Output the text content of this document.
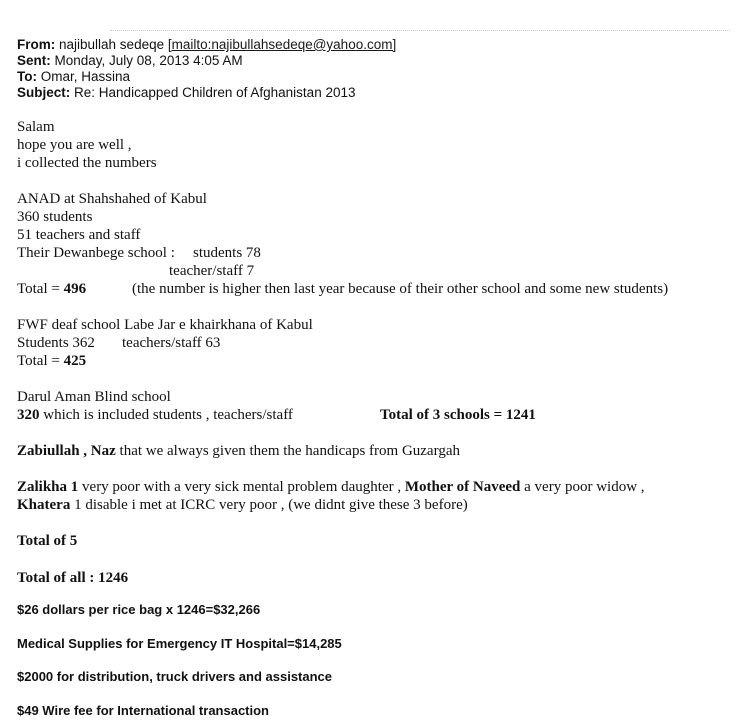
From: najibullah sedeqe [mailto:najibullahsedeqe@yahoo.com]
Sent: Monday, July 08, 2013 4:05 AM
To: Omar, Hassina
Subject: Re: Handicapped Children of Afghanistan 2013
Salam
hope you are well ,
i collected the numbers
ANAD at Shahshahed of Kabul
360 students
51 teachers and staff
Their Dewanbege school : students 78
teacher/staff 7
Total = 496	(the number is higher then last year because of their other school and some new students)
FWF deaf school Labe Jar e khairkhana of Kabul
Students 362 teachers/staff 63
Total = 425
Darul Aman Blind school
320 which is included students , teachers/staff	Total of 3 schools = 1241
Zabiullah , Naz that we always given them the handicaps from Guzargah
Zalikha 1 very poor with a very sick mental problem daughter , Mother of Naveed a very poor widow ,
Khatera 1 disable i met at ICRC very poor , (we didnt give these 3 before)
Total of 5
Total of all : 1246
$26 dollars per rice bag x 1246=$32,266
Medical Supplies for Emergency IT Hospital=$14,285
$2000 for distribution, truck drivers and assistance
$49 Wire fee for International transaction
